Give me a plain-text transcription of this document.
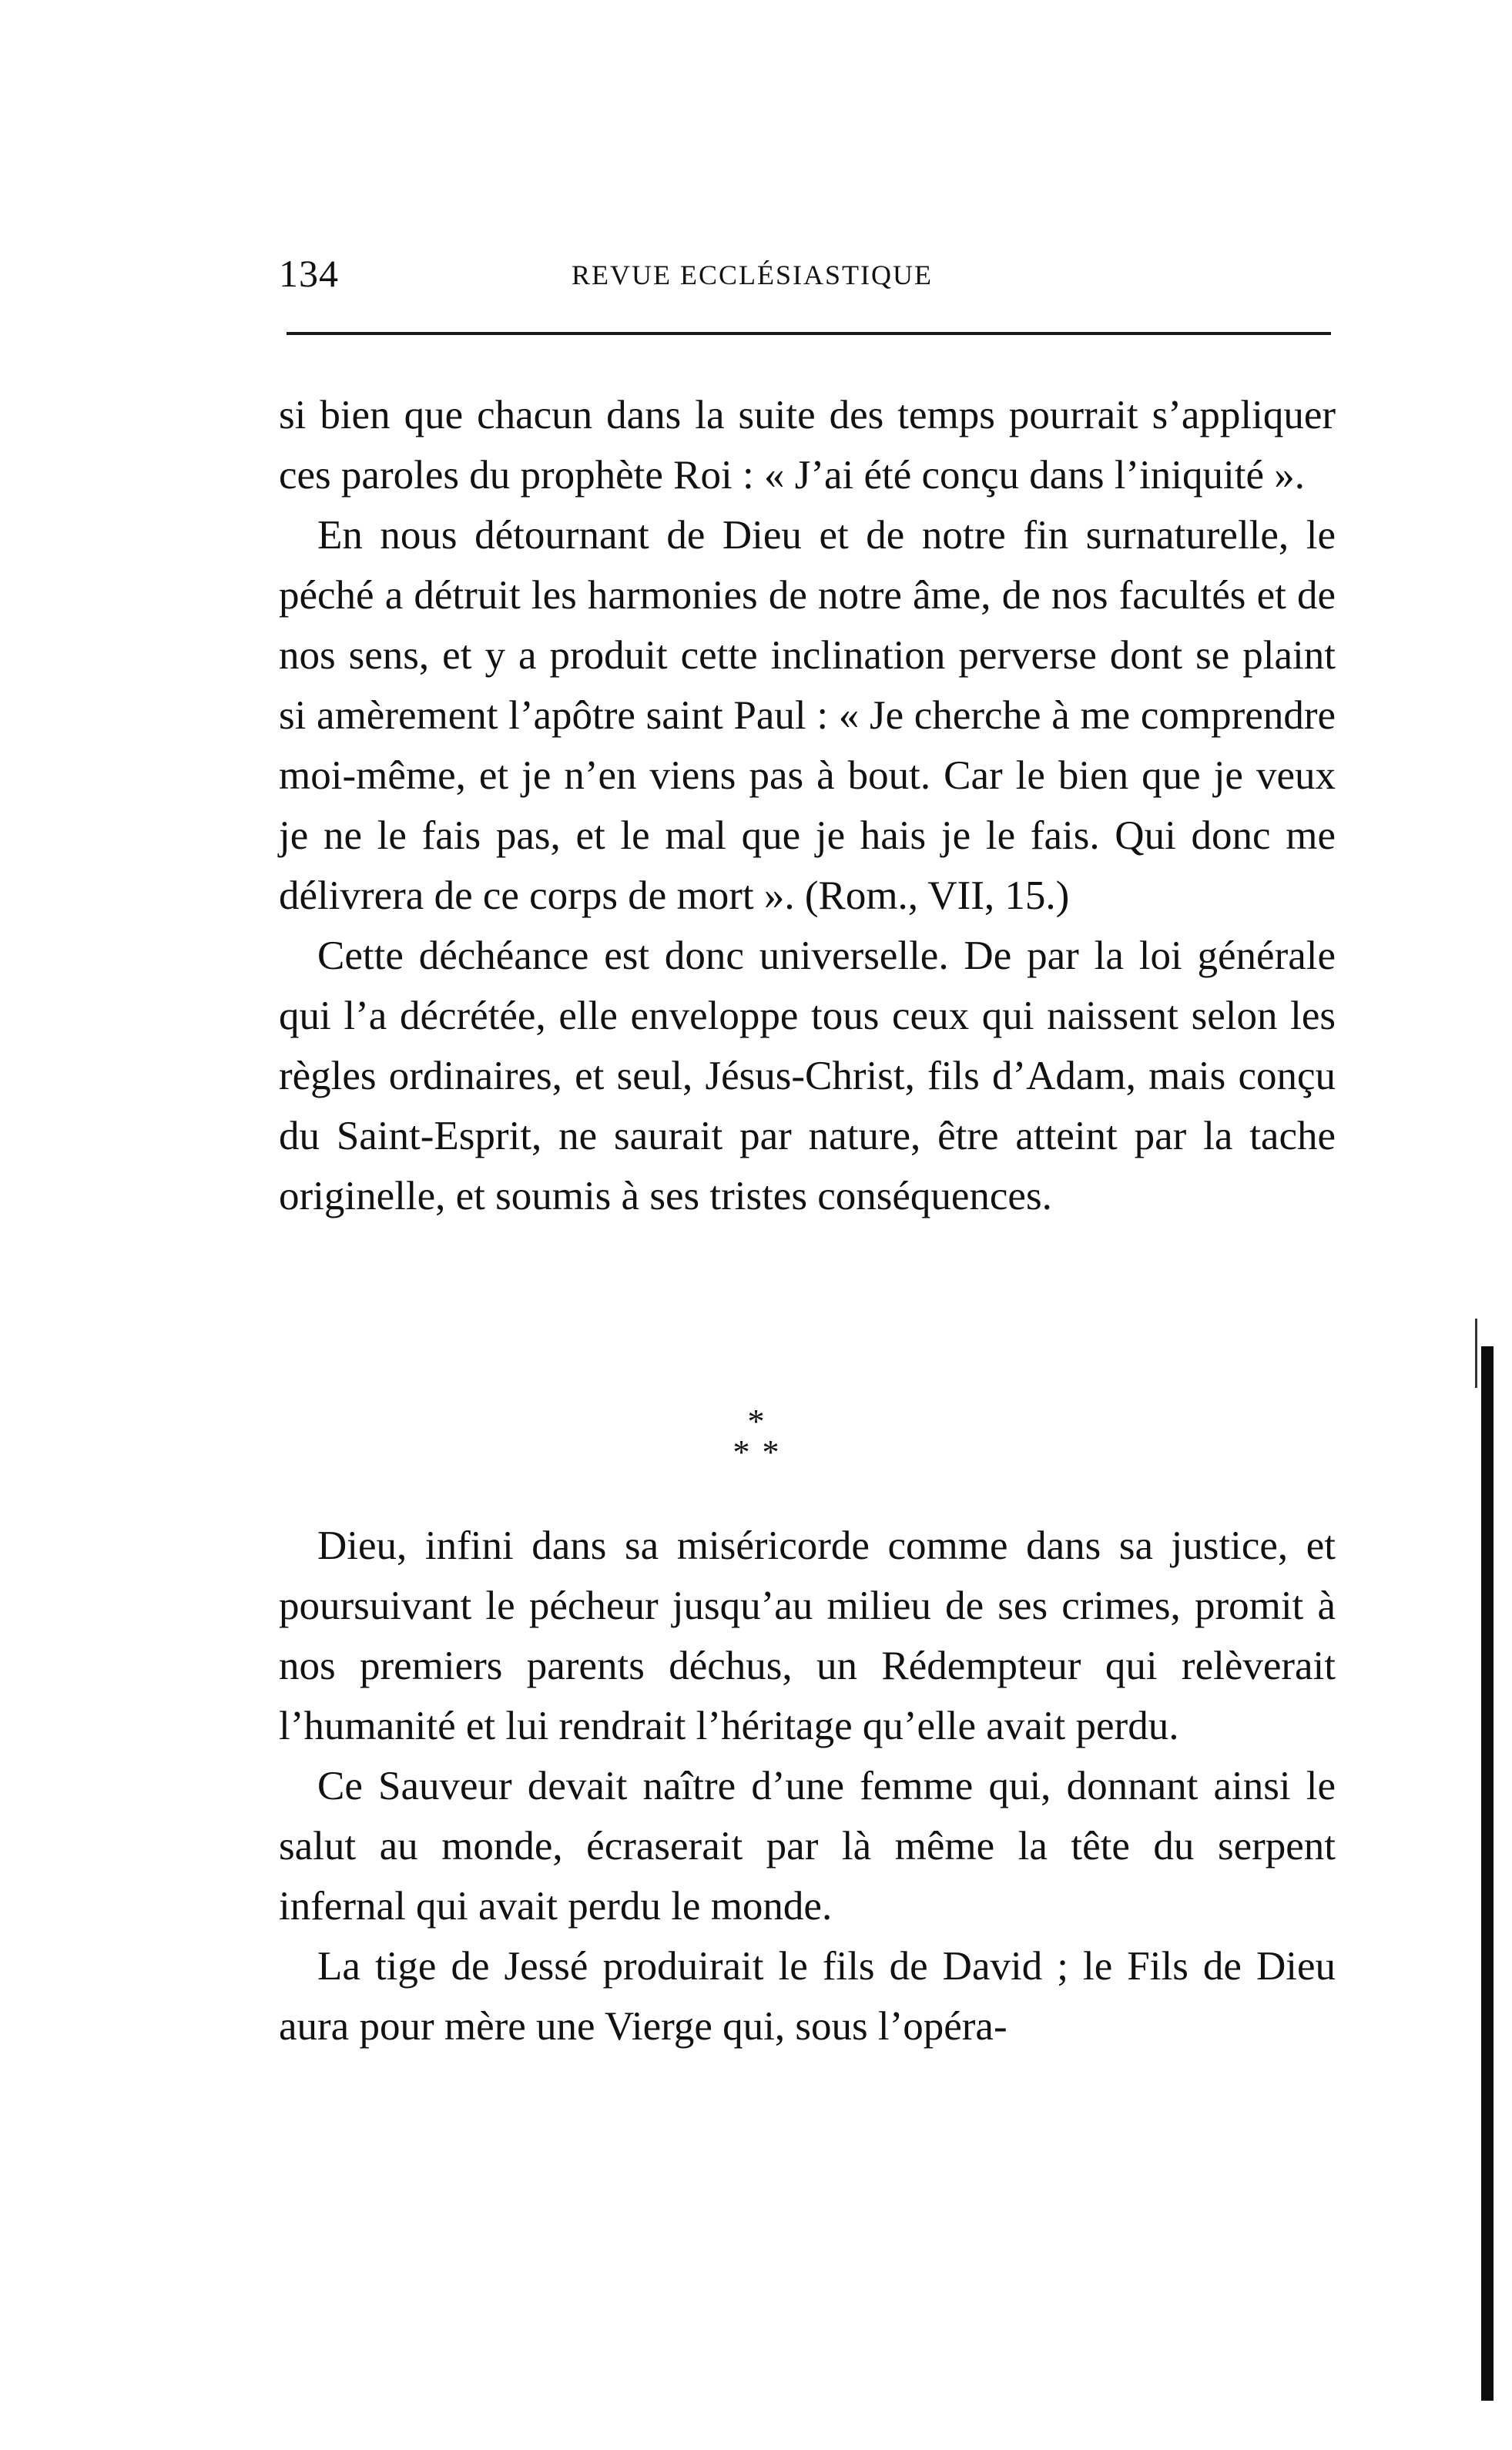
134	REVUE ECCLÉSIASTIQUE

si bien que chacun dans la suite des temps pourrait s’appliquer ces paroles du prophète Roi : « J’ai été conçu dans l’iniquité ».

En nous détournant de Dieu et de notre fin surnaturelle, le péché a détruit les harmonies de notre âme, de nos facultés et de nos sens, et y a produit cette inclination perverse dont se plaint si amèrement l’apôtre saint Paul : « Je cherche à me comprendre moi-même, et je n’en viens pas à bout. Car le bien que je veux je ne le fais pas, et le mal que je hais je le fais. Qui donc me délivrera de ce corps de mort ». (Rom., VII, 15.)

Cette déchéance est donc universelle. De par la loi générale qui l’a décrétée, elle enveloppe tous ceux qui naissent selon les règles ordinaires, et seul, Jésus-Christ, fils d’Adam, mais conçu du Saint-Esprit, ne saurait par nature, être atteint par la tache originelle, et soumis à ses tristes conséquences.

*
**

Dieu, infini dans sa miséricorde comme dans sa justice, et poursuivant le pécheur jusqu’au milieu de ses crimes, promit à nos premiers parents déchus, un Rédempteur qui relèverait l’humanité et lui rendrait l’héritage qu’elle avait perdu.

Ce Sauveur devait naître d’une femme qui, donnant ainsi le salut au monde, écraserait par là même la tête du serpent infernal qui avait perdu le monde.

La tige de Jessé produirait le fils de David ; le Fils de Dieu aura pour mère une Vierge qui, sous l’opéra-
